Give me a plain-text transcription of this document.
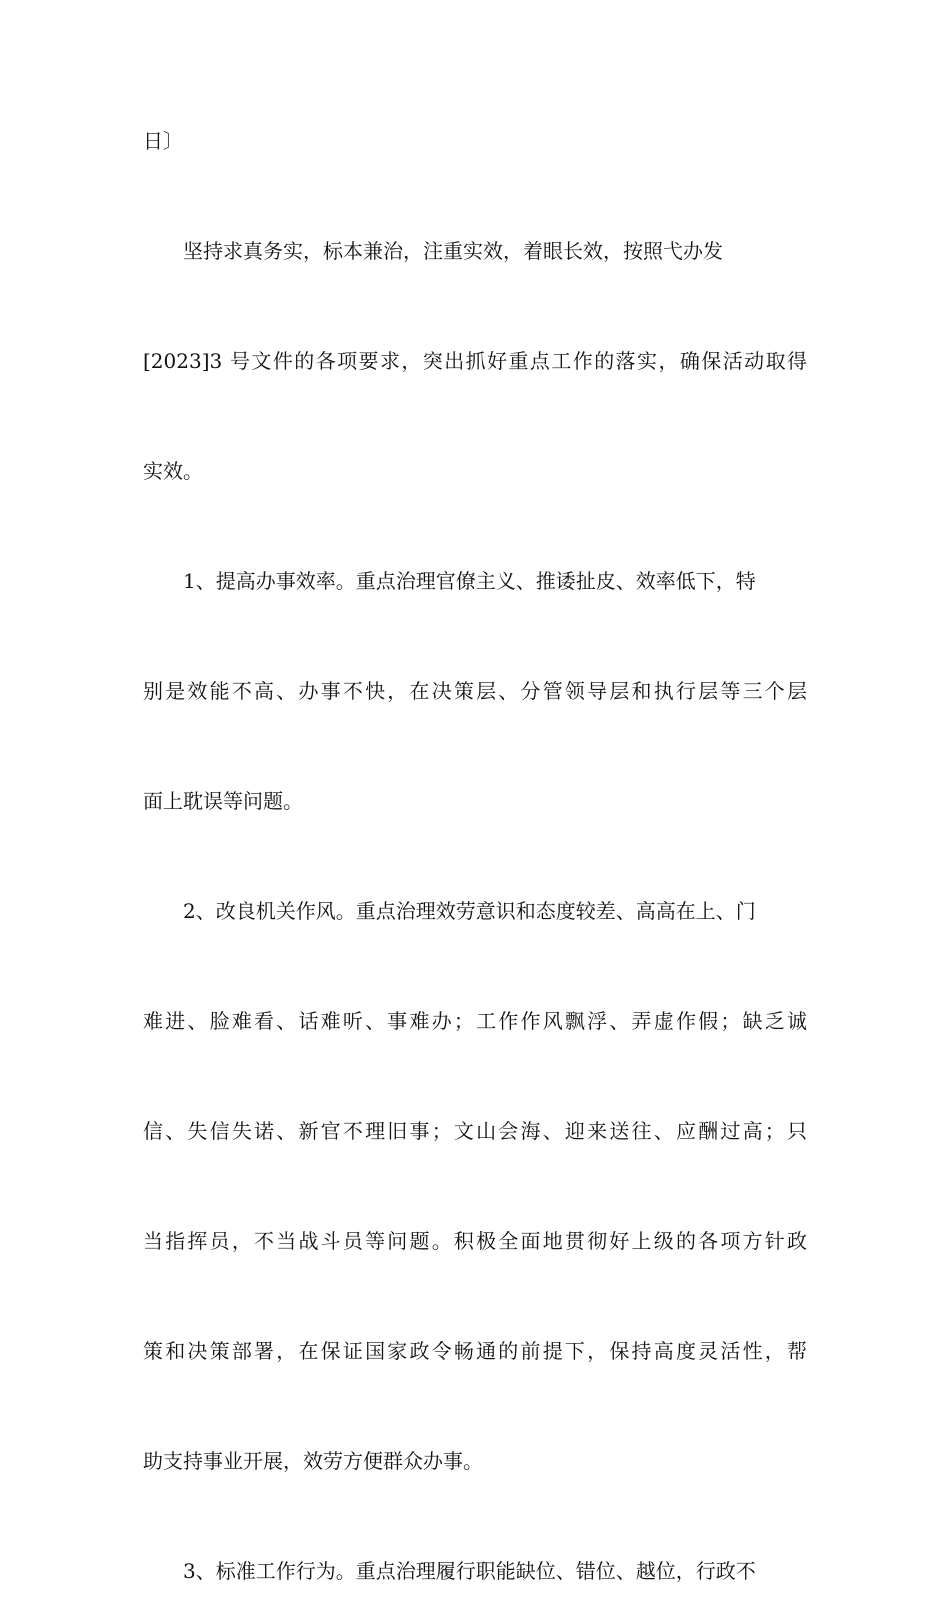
日〕
坚持求真务实，标本兼治，注重实效，着眼长效，按照弋办发
[2023]3 号文件的各项要求，突出抓好重点工作的落实，确保活动取得
实效。
1、提高办事效率。重点治理官僚主义、推诿扯皮、效率低下，特
别是效能不高、办事不快，在决策层、分管领导层和执行层等三个层
面上耽误等问题。
2、改良机关作风。重点治理效劳意识和态度较差、高高在上、门
难进、脸难看、话难听、事难办；工作作风飘浮、弄虚作假；缺乏诚
信、失信失诺、新官不理旧事；文山会海、迎来送往、应酬过高；只
当指挥员，不当战斗员等问题。积极全面地贯彻好上级的各项方针政
策和决策部署，在保证国家政令畅通的前提下，保持高度灵活性，帮
助支持事业开展，效劳方便群众办事。
3、标准工作行为。重点治理履行职能缺位、错位、越位，行政不
